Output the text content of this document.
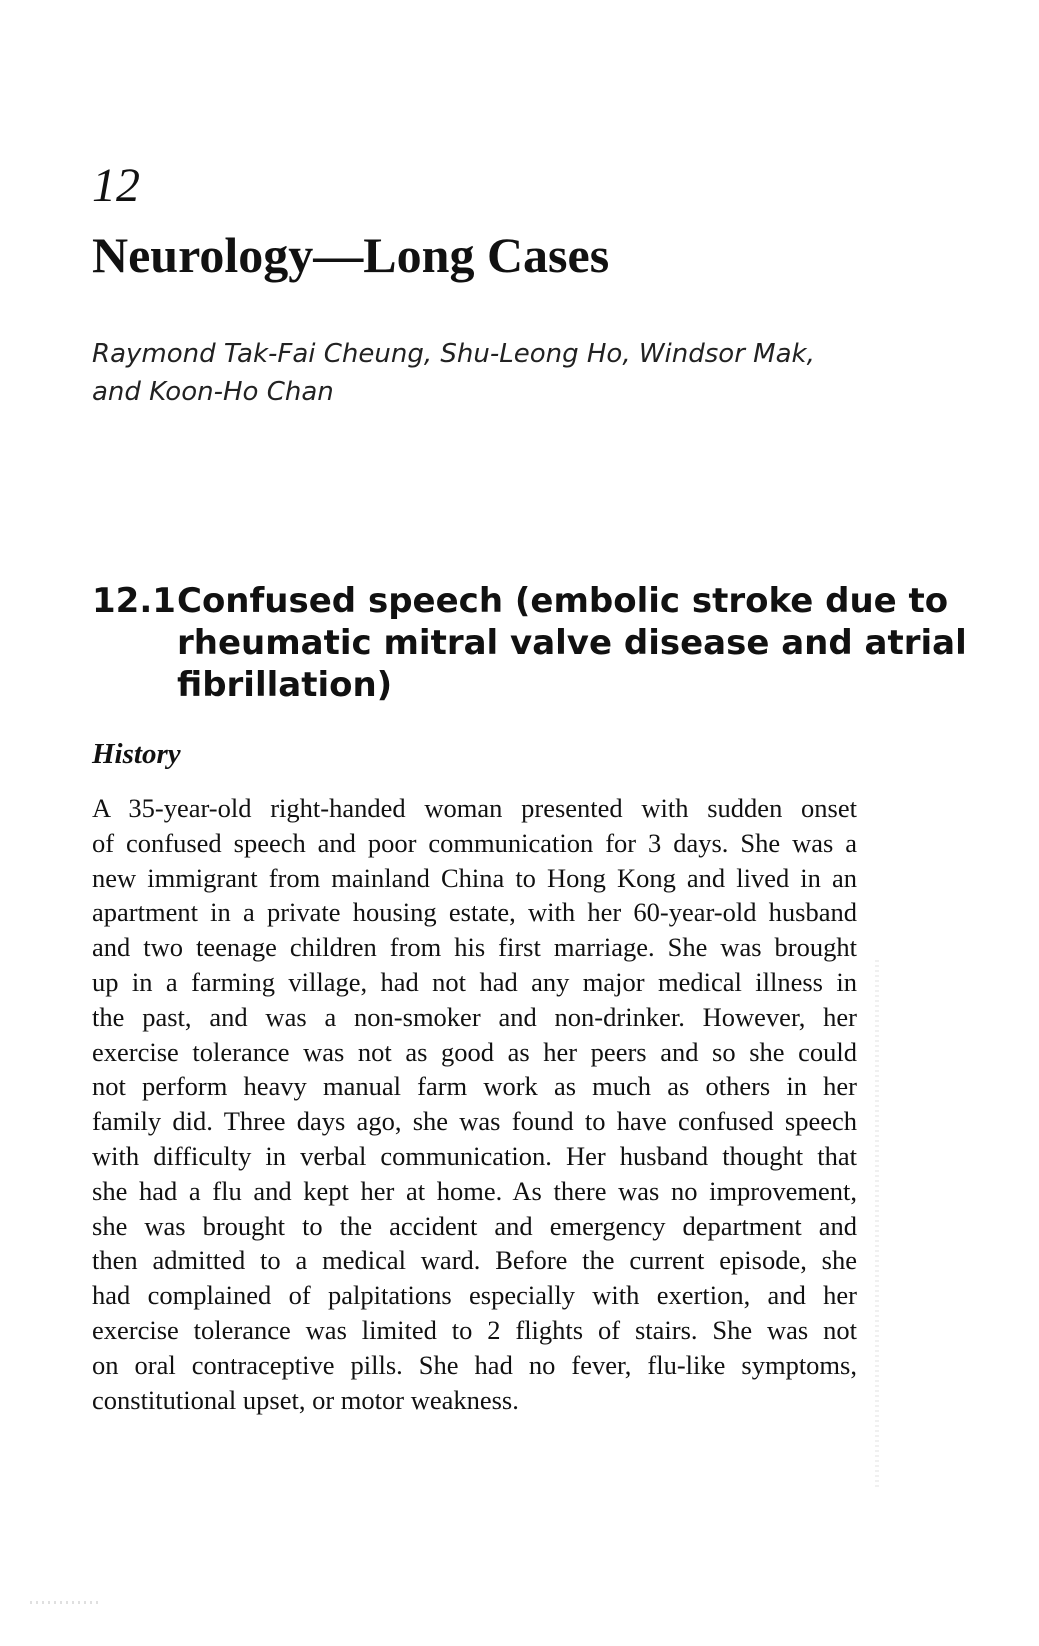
12
Neurology—Long Cases
Raymond Tak-Fai Cheung, Shu-Leong Ho, Windsor Mak,
and Koon-Ho Chan
12.1 Confused speech (embolic stroke due to
rheumatic mitral valve disease and atrial
fibrillation)
History
A 35-year-old right-handed woman presented with sudden onset
of confused speech and poor communication for 3 days. She was a
new immigrant from mainland China to Hong Kong and lived in an
apartment in a private housing estate, with her 60-year-old husband
and two teenage children from his first marriage. She was brought
up in a farming village, had not had any major medical illness in
the past, and was a non-smoker and non-drinker. However, her
exercise tolerance was not as good as her peers and so she could
not perform heavy manual farm work as much as others in her
family did. Three days ago, she was found to have confused speech
with difficulty in verbal communication. Her husband thought that
she had a flu and kept her at home. As there was no improvement,
she was brought to the accident and emergency department and
then admitted to a medical ward. Before the current episode, she
had complained of palpitations especially with exertion, and her
exercise tolerance was limited to 2 flights of stairs. She was not
on oral contraceptive pills. She had no fever, flu-like symptoms,
constitutional upset, or motor weakness.
